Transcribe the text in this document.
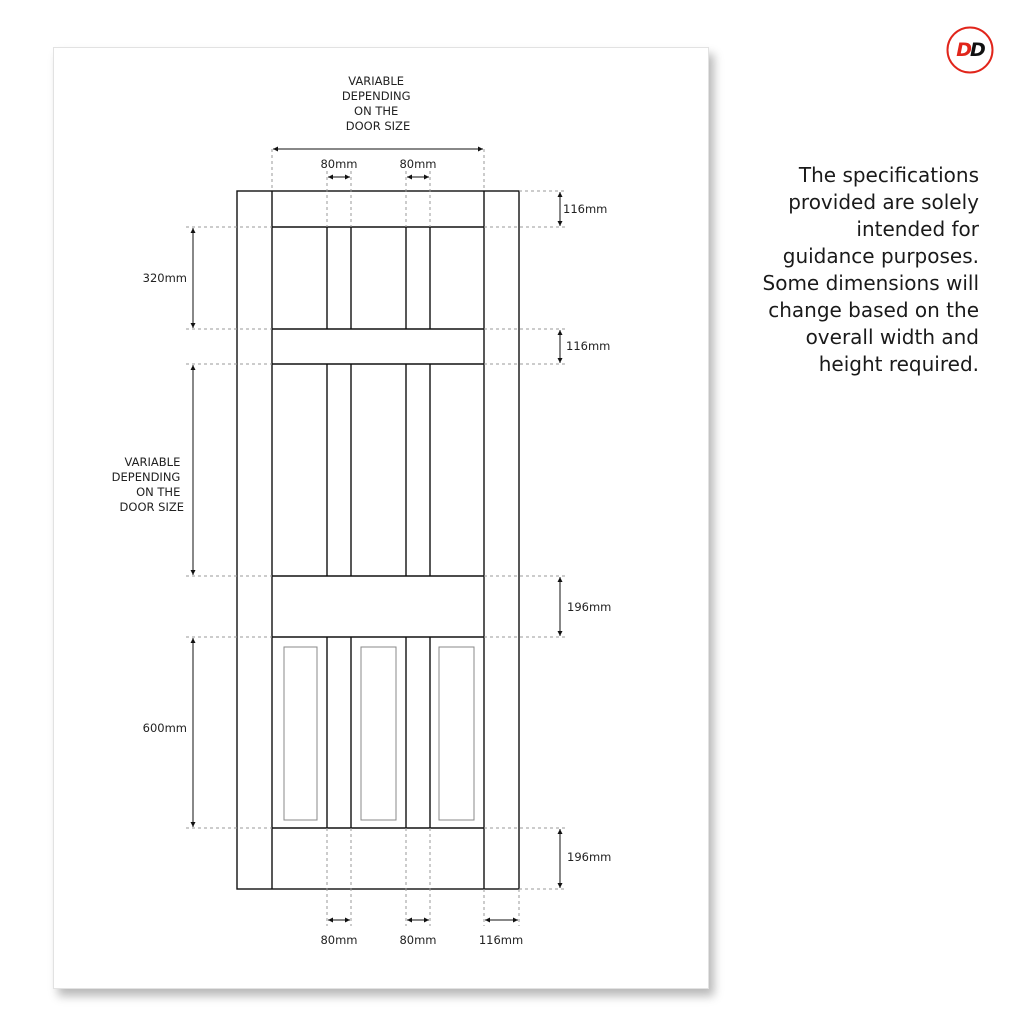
VARIABLE DEPENDING ON THE DOOR SIZE
VARIABLE DEPENDING ON THE DOOR SIZE
80mm	80mm
116mm
320mm
116mm
196mm
600mm
196mm
80mm	80mm	116mm
The specifications
provided are solely
intended for
guidance purposes.
Some dimensions will
change based on the
overall width and
height required.
DD
